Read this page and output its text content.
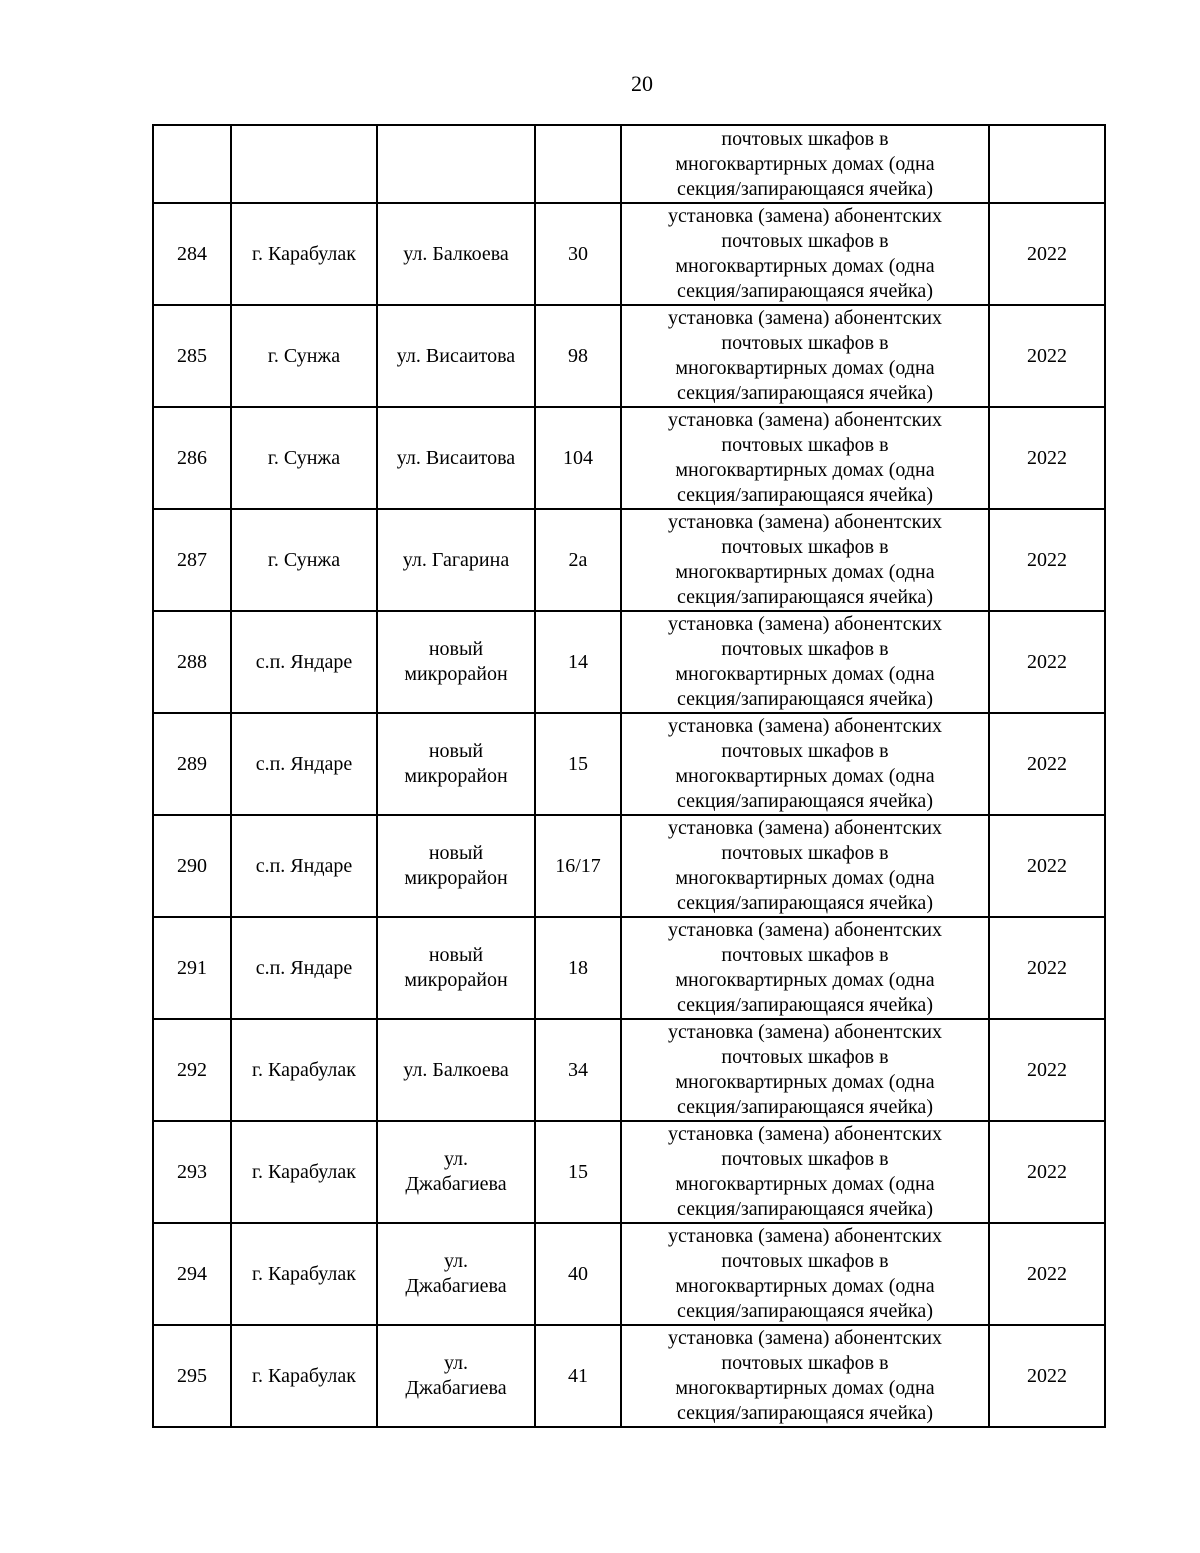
20
				почтовых шкафов в
многоквартирных домах (одна
секция/запирающаяся ячейка)	
284	г. Карабулак	ул. Балкоева	30	установка (замена) абонентских
почтовых шкафов в
многоквартирных домах (одна
секция/запирающаяся ячейка)	2022
285	г. Сунжа	ул. Висаитова	98	установка (замена) абонентских
почтовых шкафов в
многоквартирных домах (одна
секция/запирающаяся ячейка)	2022
286	г. Сунжа	ул. Висаитова	104	установка (замена) абонентских
почтовых шкафов в
многоквартирных домах (одна
секция/запирающаяся ячейка)	2022
287	г. Сунжа	ул. Гагарина	2а	установка (замена) абонентских
почтовых шкафов в
многоквартирных домах (одна
секция/запирающаяся ячейка)	2022
288	с.п. Яндаре	новый
микрорайон	14	установка (замена) абонентских
почтовых шкафов в
многоквартирных домах (одна
секция/запирающаяся ячейка)	2022
289	с.п. Яндаре	новый
микрорайон	15	установка (замена) абонентских
почтовых шкафов в
многоквартирных домах (одна
секция/запирающаяся ячейка)	2022
290	с.п. Яндаре	новый
микрорайон	16/17	установка (замена) абонентских
почтовых шкафов в
многоквартирных домах (одна
секция/запирающаяся ячейка)	2022
291	с.п. Яндаре	новый
микрорайон	18	установка (замена) абонентских
почтовых шкафов в
многоквартирных домах (одна
секция/запирающаяся ячейка)	2022
292	г. Карабулак	ул. Балкоева	34	установка (замена) абонентских
почтовых шкафов в
многоквартирных домах (одна
секция/запирающаяся ячейка)	2022
293	г. Карабулак	ул.
Джабагиева	15	установка (замена) абонентских
почтовых шкафов в
многоквартирных домах (одна
секция/запирающаяся ячейка)	2022
294	г. Карабулак	ул.
Джабагиева	40	установка (замена) абонентских
почтовых шкафов в
многоквартирных домах (одна
секция/запирающаяся ячейка)	2022
295	г. Карабулак	ул.
Джабагиева	41	установка (замена) абонентских
почтовых шкафов в
многоквартирных домах (одна
секция/запирающаяся ячейка)	2022
